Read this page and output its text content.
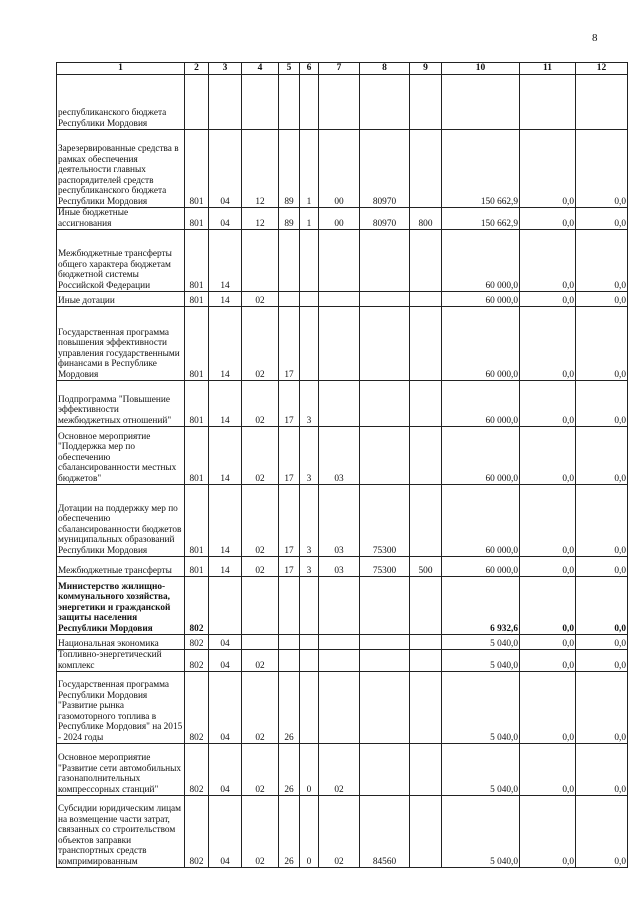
8
1	2	3	4	5	6	7	8	9	10	11	12
республиканского бюджета Республики Мордовия											
Зарезервированные средства в рамках обеспечения деятельности главных распорядителей средств республиканского бюджета Республики Мордовия	801	04	12	89	1	00	80970		150 662,9	0,0	0,0
Иные бюджетные ассигнования	801	04	12	89	1	00	80970	800	150 662,9	0,0	0,0
Межбюджетные трансферты общего характера бюджетам бюджетной системы Российской Федерации	801	14							60 000,0	0,0	0,0
Иные дотации	801	14	02						60 000,0	0,0	0,0
Государственная программа повышения эффективности управления государственными финансами в Республике Мордовия	801	14	02	17					60 000,0	0,0	0,0
Подпрограмма "Повышение эффективности межбюджетных отношений"	801	14	02	17	3				60 000,0	0,0	0,0
Основное мероприятие "Поддержка мер по обеспечению сбалансированности местных бюджетов"	801	14	02	17	3	03			60 000,0	0,0	0,0
Дотации на поддержку мер по обеспечению сбалансированности бюджетов муниципальных образований Республики Мордовия	801	14	02	17	3	03	75300		60 000,0	0,0	0,0
Межбюджетные трансферты	801	14	02	17	3	03	75300	500	60 000,0	0,0	0,0
Министерство жилищно-коммунального хозяйства, энергетики и гражданской защиты населения Республики Мордовия	802								6 932,6	0,0	0,0
Национальная экономика	802	04							5 040,0	0,0	0,0
Топливно-энергетический комплекс	802	04	02						5 040,0	0,0	0,0
Государственная программа Республики Мордовия "Развитие рынка газомоторного топлива в Республике Мордовия" на 2015 - 2024 годы	802	04	02	26					5 040,0	0,0	0,0
Основное мероприятие "Развитие сети автомобильных газонаполнительных компрессорных станций"	802	04	02	26	0	02			5 040,0	0,0	0,0
Субсидии юридическим лицам на возмещение части затрат, связанных со строительством объектов заправки транспортных средств компримированным	802	04	02	26	0	02	84560		5 040,0	0,0	0,0
